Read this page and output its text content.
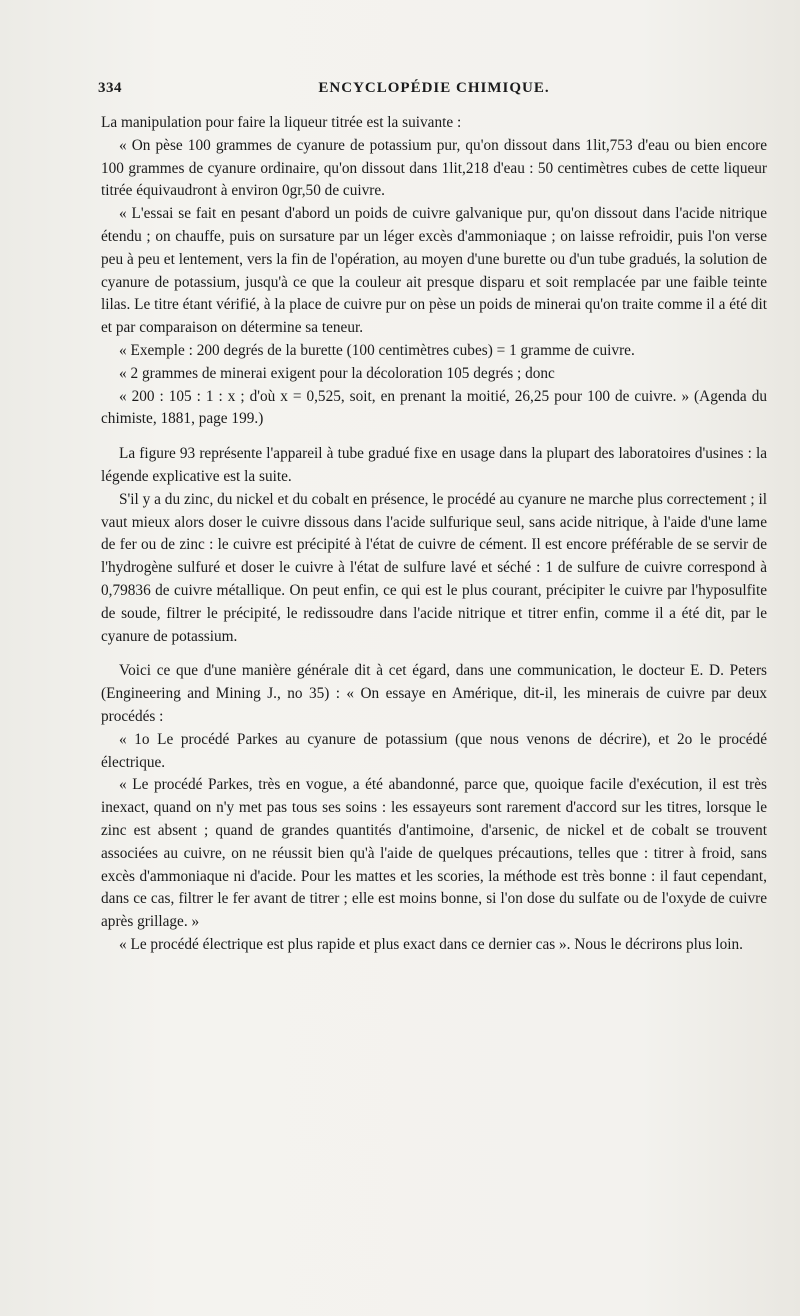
334	ENCYCLOPÉDIE CHIMIQUE.

La manipulation pour faire la liqueur titrée est la suivante :

« On pèse 100 grammes de cyanure de potassium pur, qu'on dissout dans 1lit,753 d'eau ou bien encore 100 grammes de cyanure ordinaire, qu'on dissout dans 1lit,218 d'eau : 50 centimètres cubes de cette liqueur titrée équivaudront à environ 0gr,50 de cuivre.

« L'essai se fait en pesant d'abord un poids de cuivre galvanique pur, qu'on dissout dans l'acide nitrique étendu ; on chauffe, puis on sursature par un léger excès d'ammoniaque ; on laisse refroidir, puis l'on verse peu à peu et lentement, vers la fin de l'opération, au moyen d'une burette ou d'un tube gradués, la solution de cyanure de potassium, jusqu'à ce que la couleur ait presque disparu et soit remplacée par une faible teinte lilas. Le titre étant vérifié, à la place de cuivre pur on pèse un poids de minerai qu'on traite comme il a été dit et par comparaison on détermine sa teneur.

« Exemple : 200 degrés de la burette (100 centimètres cubes) = 1 gramme de cuivre.

« 2 grammes de minerai exigent pour la décoloration 105 degrés ; donc

« 200 : 105 : 1 : x ; d'où x = 0,525, soit, en prenant la moitié, 26,25 pour 100 de cuivre. » (Agenda du chimiste, 1881, page 199.)

La figure 93 représente l'appareil à tube gradué fixe en usage dans la plupart des laboratoires d'usines : la légende explicative est la suite.

S'il y a du zinc, du nickel et du cobalt en présence, le procédé au cyanure ne marche plus correctement ; il vaut mieux alors doser le cuivre dissous dans l'acide sulfurique seul, sans acide nitrique, à l'aide d'une lame de fer ou de zinc : le cuivre est précipité à l'état de cuivre de cément. Il est encore préférable de se servir de l'hydrogène sulfuré et doser le cuivre à l'état de sulfure lavé et séché : 1 de sulfure de cuivre correspond à 0,79836 de cuivre métallique. On peut enfin, ce qui est le plus courant, précipiter le cuivre par l'hyposulfite de soude, filtrer le précipité, le redissoudre dans l'acide nitrique et titrer enfin, comme il a été dit, par le cyanure de potassium.

Voici ce que d'une manière générale dit à cet égard, dans une communication, le docteur E. D. Peters (Engineering and Mining J., no 35) : « On essaye en Amérique, dit-il, les minerais de cuivre par deux procédés :

« 1o Le procédé Parkes au cyanure de potassium (que nous venons de décrire), et 2o le procédé électrique.

« Le procédé Parkes, très en vogue, a été abandonné, parce que, quoique facile d'exécution, il est très inexact, quand on n'y met pas tous ses soins : les essayeurs sont rarement d'accord sur les titres, lorsque le zinc est absent ; quand de grandes quantités d'antimoine, d'arsenic, de nickel et de cobalt se trouvent associées au cuivre, on ne réussit bien qu'à l'aide de quelques précautions, telles que : titrer à froid, sans excès d'ammoniaque ni d'acide. Pour les mattes et les scories, la méthode est très bonne : il faut cependant, dans ce cas, filtrer le fer avant de titrer ; elle est moins bonne, si l'on dose du sulfate ou de l'oxyde de cuivre après grillage. »

« Le procédé électrique est plus rapide et plus exact dans ce dernier cas ». Nous le décrirons plus loin.
